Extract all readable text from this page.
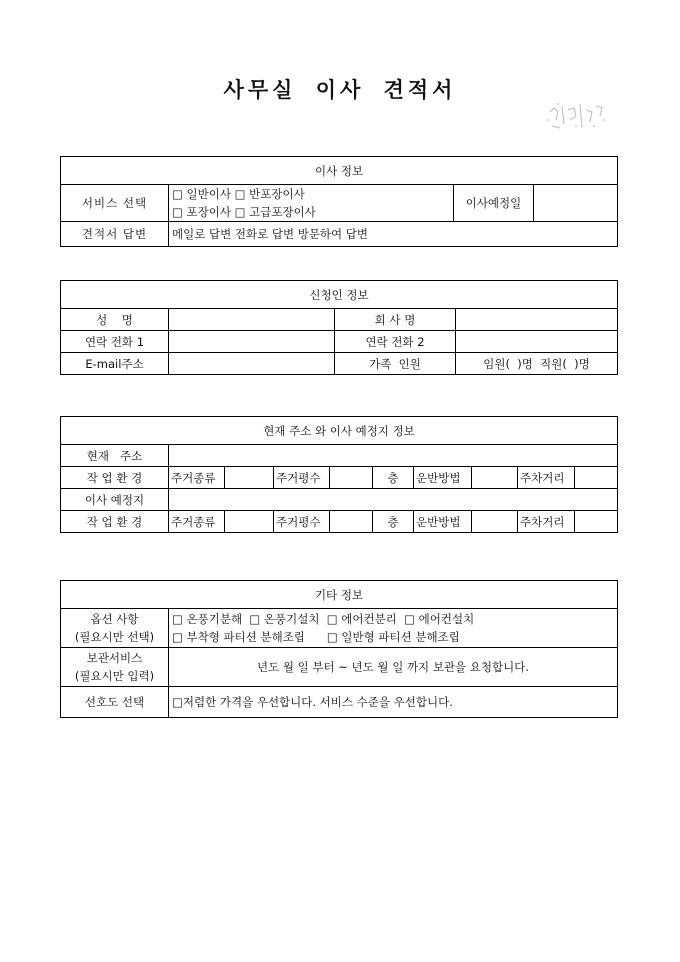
사무실 이사 견적서
이사 정보			
서비스 선택	□ 일반이사 □ 반포장이사
□ 포장이사 □ 고급포장이사	이사예정일	
견적서 답변	메일로 답변 전화로 답변 방문하여 답변		
신청인 정보			
성    명		회 사 명	
연락 전화 1		연락 전화 2	
E-mail주소		가족  인원	임원(  )명  직원(  )명
현재 주소 와 이사 예정지 정보									
현재   주소									
작 업 환 경	주거종류		주거평수		층	운반방법		주차거리	
이사 예정지									
작 업 환 경	주거종류		주거평수		층	운반방법		주차거리	
기타 정보	

옵션 사항
(필요시만 선택)	□ 온풍기분해  □ 온풍기설치  □ 에어컨분리  □ 에어컨설치
□ 부착형 파티션 분해조립      □ 일반형 파티션 분해조립

보관서비스
(필요시만 입력)	년도 월 일 부터 ~ 년도 월 일 까지 보관을 요청합니다.
선호도 선택	□저렴한 가격을 우선합니다. 서비스 수준을 우선합니다.
